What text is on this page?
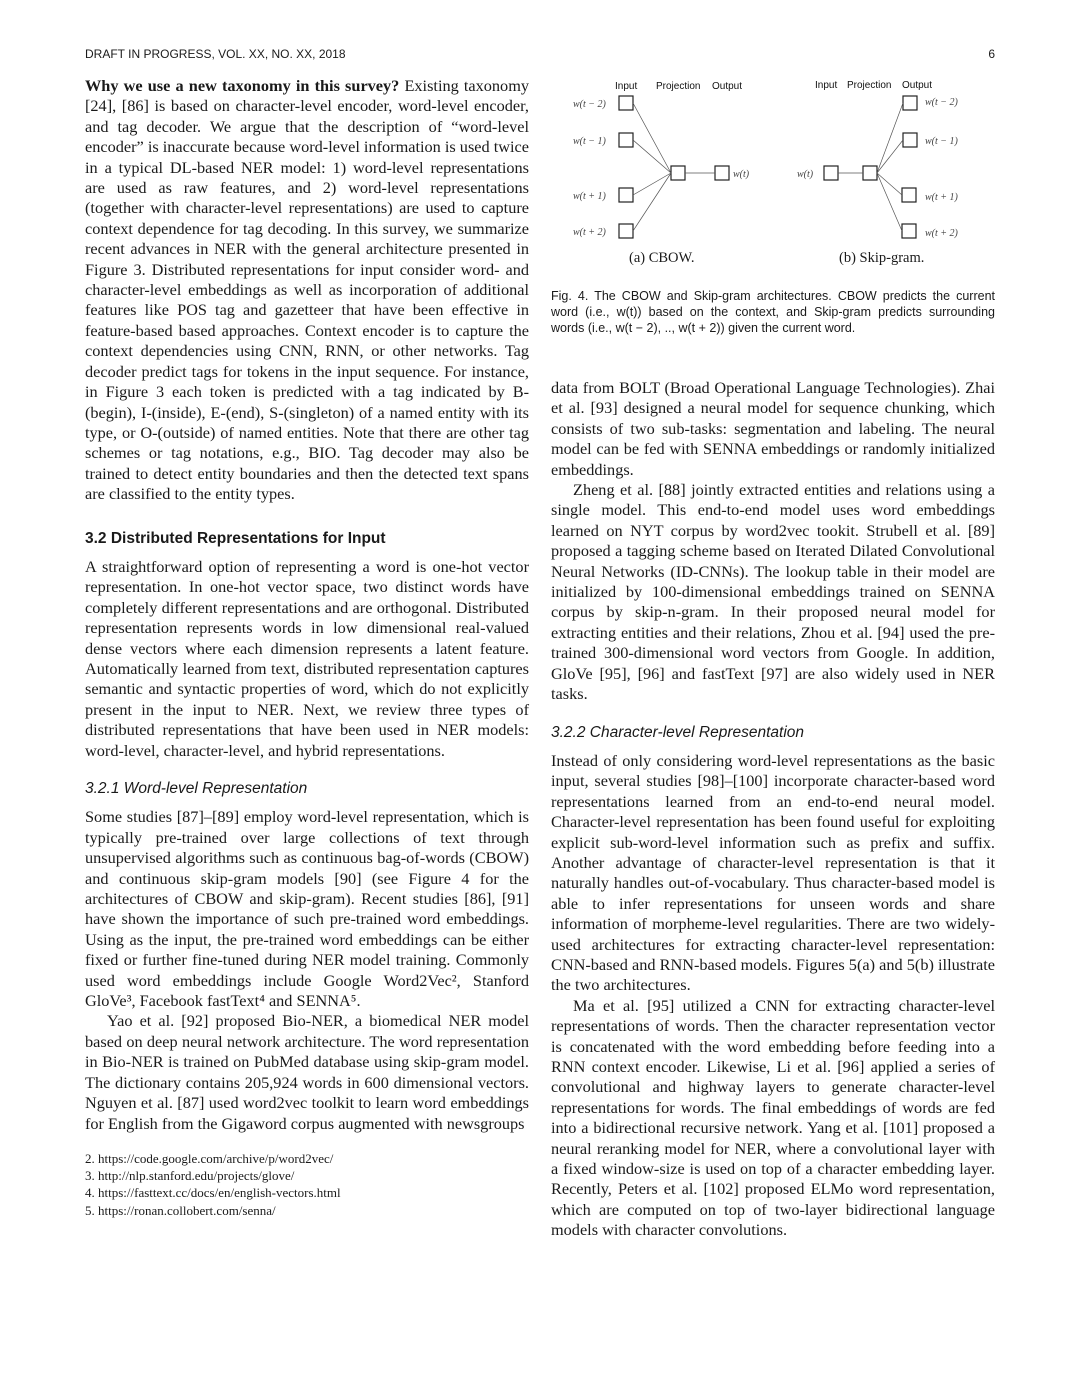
DRAFT IN PROGRESS, VOL. XX, NO. XX, 2018	6
Input Projection Output	Input Projection Output
w(t − 2)
w(t − 1)
w(t + 1)
w(t + 2)
w(t)	w(t)
w(t − 2)
w(t − 1)
w(t + 1)
w(t + 2)
(a) CBOW.	(b) Skip-gram.
Fig. 4. The CBOW and Skip-gram architectures. CBOW predicts the current word (i.e., w(t)) based on the context, and Skip-gram predicts surrounding words (i.e., w(t − 2), .., w(t + 2)) given the current word.

Why we use a new taxonomy in this survey? Existing taxonomy [24], [86] is based on character-level encoder, word-level encoder, and tag decoder. We argue that the description of “word-level encoder” is inaccurate because word-level information is used twice in a typical DL-based NER model: 1) word-level representations are used as raw features, and 2) word-level representations (together with character-level representations) are used to capture context dependence for tag decoding. In this survey, we summarize recent advances in NER with the general architecture presented in Figure 3. Distributed representations for input consider word- and character-level embeddings as well as incorporation of additional features like POS tag and gazetteer that have been effective in feature-based based approaches. Context encoder is to capture the context dependencies using CNN, RNN, or other networks. Tag decoder predict tags for tokens in the input sequence. For instance, in Figure 3 each token is predicted with a tag indicated by B-(begin), I-(inside), E-(end), S-(singleton) of a named entity with its type, or O-(outside) of named entities. Note that there are other tag schemes or tag notations, e.g., BIO. Tag decoder may also be trained to detect entity boundaries and then the detected text spans are classified to the entity types.

3.2 Distributed Representations for Input

A straightforward option of representing a word is one-hot vector representation. In one-hot vector space, two distinct words have completely different representations and are orthogonal. Distributed representation represents words in low dimensional real-valued dense vectors where each dimension represents a latent feature. Automatically learned from text, distributed representation captures semantic and syntactic properties of word, which do not explicitly present in the input to NER. Next, we review three types of distributed representations that have been used in NER models: word-level, character-level, and hybrid representations.

3.2.1 Word-level Representation

Some studies [87]–[89] employ word-level representation, which is typically pre-trained over large collections of text through unsupervised algorithms such as continuous bag-of-words (CBOW) and continuous skip-gram models [90] (see Figure 4 for the architectures of CBOW and skip-gram). Recent studies [86], [91] have shown the importance of such pre-trained word embeddings. Using as the input, the pre-trained word embeddings can be either fixed or further fine-tuned during NER model training. Commonly used word embeddings include Google Word2Vec², Stanford GloVe³, Facebook fastText⁴ and SENNA⁵.

Yao et al. [92] proposed Bio-NER, a biomedical NER model based on deep neural network architecture. The word representation in Bio-NER is trained on PubMed database using skip-gram model. The dictionary contains 205,924 words in 600 dimensional vectors. Nguyen et al. [87] used word2vec toolkit to learn word embeddings for English from the Gigaword corpus augmented with newsgroups

2. https://code.google.com/archive/p/word2vec/
3. http://nlp.stanford.edu/projects/glove/
4. https://fasttext.cc/docs/en/english-vectors.html
5. https://ronan.collobert.com/senna/

data from BOLT (Broad Operational Language Technologies). Zhai et al. [93] designed a neural model for sequence chunking, which consists of two sub-tasks: segmentation and labeling. The neural model can be fed with SENNA embeddings or randomly initialized embeddings.

Zheng et al. [88] jointly extracted entities and relations using a single model. This end-to-end model uses word embeddings learned on NYT corpus by word2vec tookit. Strubell et al. [89] proposed a tagging scheme based on Iterated Dilated Convolutional Neural Networks (ID-CNNs). The lookup table in their model are initialized by 100-dimensional embeddings trained on SENNA corpus by skip-n-gram. In their proposed neural model for extracting entities and their relations, Zhou et al. [94] used the pre-trained 300-dimensional word vectors from Google. In addition, GloVe [95], [96] and fastText [97] are also widely used in NER tasks.

3.2.2 Character-level Representation

Instead of only considering word-level representations as the basic input, several studies [98]–[100] incorporate character-based word representations learned from an end-to-end neural model. Character-level representation has been found useful for exploiting explicit sub-word-level information such as prefix and suffix. Another advantage of character-level representation is that it naturally handles out-of-vocabulary. Thus character-based model is able to infer representations for unseen words and share information of morpheme-level regularities. There are two widely-used architectures for extracting character-level representation: CNN-based and RNN-based models. Figures 5(a) and 5(b) illustrate the two architectures.

Ma et al. [95] utilized a CNN for extracting character-level representations of words. Then the character representation vector is concatenated with the word embedding before feeding into a RNN context encoder. Likewise, Li et al. [96] applied a series of convolutional and highway layers to generate character-level representations for words. The final embeddings of words are fed into a bidirectional recursive network. Yang et al. [101] proposed a neural reranking model for NER, where a convolutional layer with a fixed window-size is used on top of a character embedding layer. Recently, Peters et al. [102] proposed ELMo word representation, which are computed on top of two-layer bidirectional language models with character convolutions.
